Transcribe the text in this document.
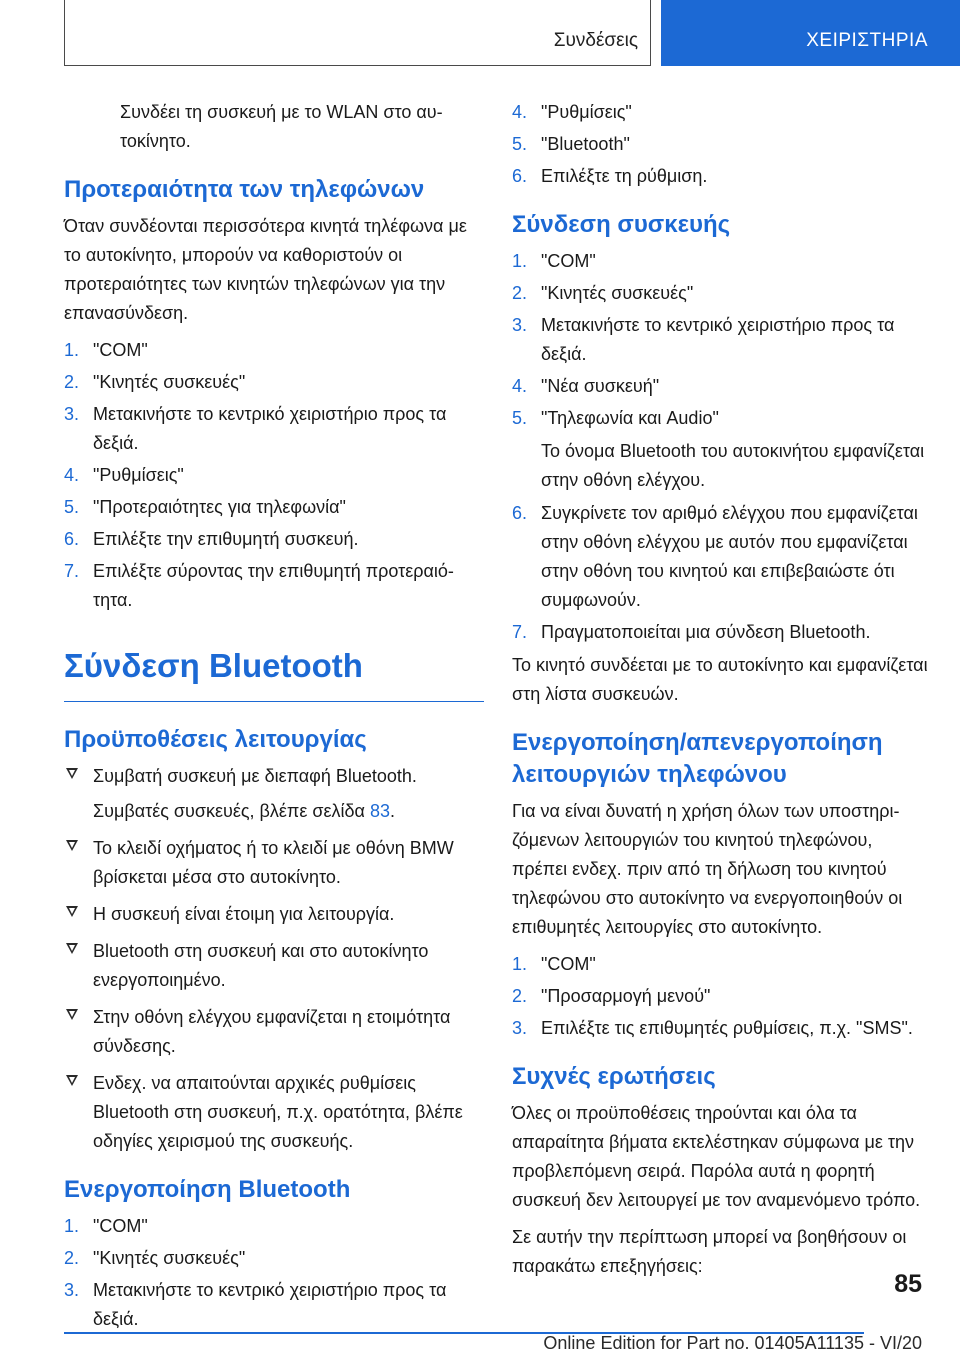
Συνδέσεις	ΧΕΙΡΙΣΤΗΡΙΑ

Συνδέει τη συσκευή με το WLAN στο αυτοκίνητο.

Προτεραιότητα των τηλεφώνων

Όταν συνδέονται περισσότερα κινητά τηλέφωνα με το αυτοκίνητο, μπορούν να καθοριστούν οι προτεραιότητες των κινητών τηλεφώνων για την επανασύνδεση.

1. "COM"
2. "Κινητές συσκευές"
3. Μετακινήστε το κεντρικό χειριστήριο προς τα δεξιά.
4. "Ρυθμίσεις"
5. "Προτεραιότητες για τηλεφωνία"
6. Επιλέξτε την επιθυμητή συσκευή.
7. Επιλέξτε σύροντας την επιθυμητή προτεραιότητα.
Σύνδεση Bluetooth
Προϋποθέσεις λειτουργίας
Συμβατή συσκευή με διεπαφή Bluetooth.
Συμβατές συσκευές, βλέπε σελίδα 83.
Το κλειδί οχήματος ή το κλειδί με οθόνη BMW βρίσκεται μέσα στο αυτοκίνητο.
Η συσκευή είναι έτοιμη για λειτουργία.
Bluetooth στη συσκευή και στο αυτοκίνητο ενεργοποιημένο.
Στην οθόνη ελέγχου εμφανίζεται η ετοιμότητα σύνδεσης.
Ενδεχ. να απαιτούνται αρχικές ρυθμίσεις Bluetooth στη συσκευή, π.χ. ορατότητα, βλέπε οδηγίες χειρισμού της συσκευής.
Ενεργοποίηση Bluetooth
1. "COM"
2. "Κινητές συσκευές"
3. Μετακινήστε το κεντρικό χειριστήριο προς τα δεξιά.
4. "Ρυθμίσεις"
5. "Bluetooth"
6. Επιλέξτε τη ρύθμιση.
Σύνδεση συσκευής
1. "COM"
2. "Κινητές συσκευές"
3. Μετακινήστε το κεντρικό χειριστήριο προς τα δεξιά.
4. "Νέα συσκευή"
5. "Τηλεφωνία και Audio"

Το όνομα Bluetooth του αυτοκινήτου εμφανίζεται στην οθόνη ελέγχου.

6. Συγκρίνετε τον αριθμό ελέγχου που εμφανίζεται στην οθόνη ελέγχου με αυτόν που εμφανίζεται στην οθόνη του κινητού και επιβεβαιώστε ότι συμφωνούν.
7. Πραγματοποιείται μια σύνδεση Bluetooth.

Το κινητό συνδέεται με το αυτοκίνητο και εμφανίζεται στη λίστα συσκευών.

Ενεργοποίηση/απενεργοποίηση λειτουργιών τηλεφώνου

Για να είναι δυνατή η χρήση όλων των υποστηριζόμενων λειτουργιών του κινητού τηλεφώνου, πρέπει ενδεχ. πριν από τη δήλωση του κινητού τηλεφώνου στο αυτοκίνητο να ενεργοποιηθούν οι επιθυμητές λειτουργίες στο αυτοκίνητο.

1. "COM"
2. "Προσαρμογή μενού"
3. Επιλέξτε τις επιθυμητές ρυθμίσεις, π.χ. "SMS".
Συχνές ερωτήσεις

Όλες οι προϋποθέσεις τηρούνται και όλα τα απαραίτητα βήματα εκτελέστηκαν σύμφωνα με την προβλεπόμενη σειρά. Παρόλα αυτά η φορητή συσκευή δεν λειτουργεί με τον αναμενόμενο τρόπο.

Σε αυτήν την περίπτωση μπορεί να βοηθήσουν οι παρακάτω επεξηγήσεις:

85
Online Edition for Part no. 01405A11135 - VI/20
